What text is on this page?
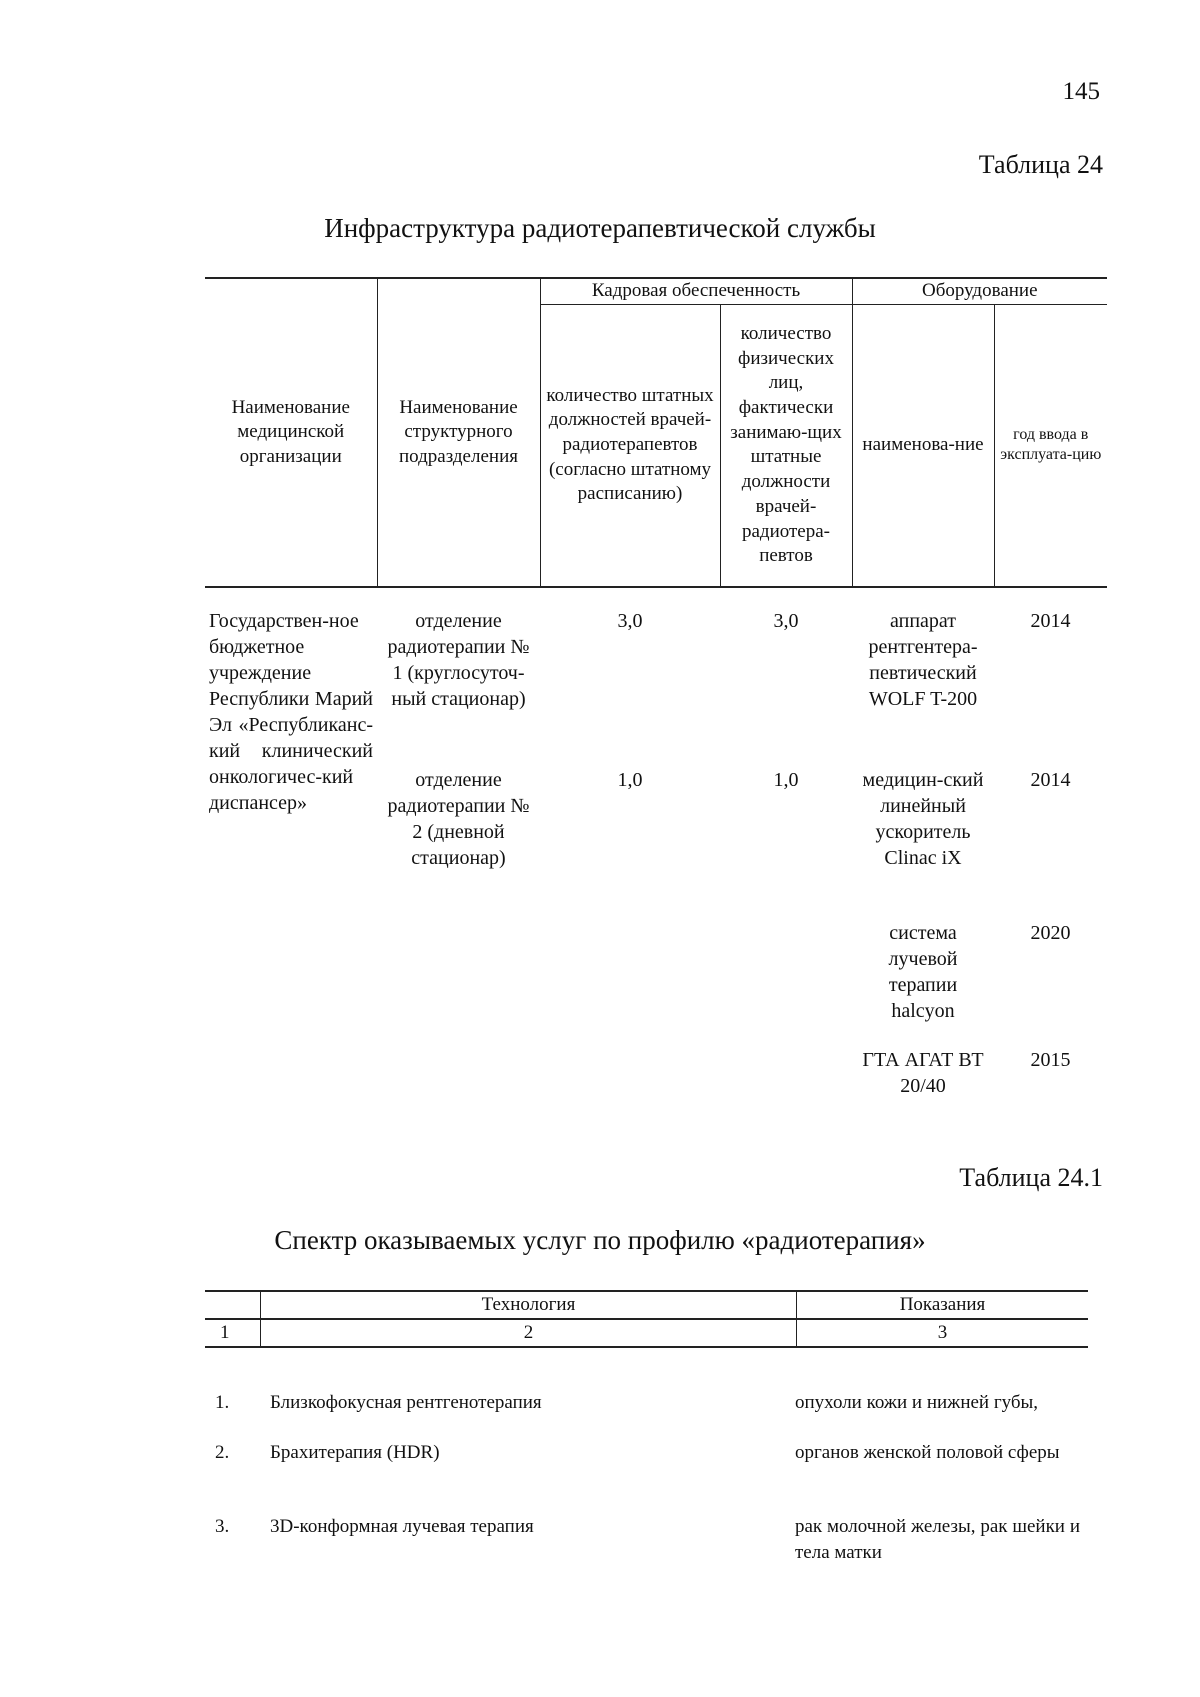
145
Таблица 24
Инфраструктура радиотерапевтической службы
Наименование медицинской организации	Наименование структурного подразделения	Кадровая обеспеченность		Оборудование	
		количество штатных должностей врачей-радиотерапевтов (согласно штатному расписанию)	количество физических лиц, фактически занимаю-щих штатные должности врачей-радиотера-певтов	наименова-ние	год ввода в эксплуата-цию
Государствен-ное бюджетное учреждение Республики Марий Эл «Республиканс-кий клинический онкологичес-кий диспансер»	отделение радиотерапии № 1 (круглосуточ-ный стационар)	3,0	3,0	аппарат рентгентера-певтический WOLF T-200	2014
	отделение радиотерапии № 2 (дневной стационар)	1,0	1,0	медицин-ский линейный ускоритель Clinac iX	2014
				система лучевой терапии halcyon	2020
				ГТА АГАТ ВТ 20/40	2015
Таблица 24.1
Спектр оказываемых услуг по профилю «радиотерапия»
Технология	Показания
1	2	3
1. Близкофокусная рентгенотерапия	опухоли кожи и нижней губы,
2. Брахитерапия (HDR)	органов женской половой сферы
3. 3D-конформная лучевая терапия	рак молочной железы, рак шейки и тела матки
